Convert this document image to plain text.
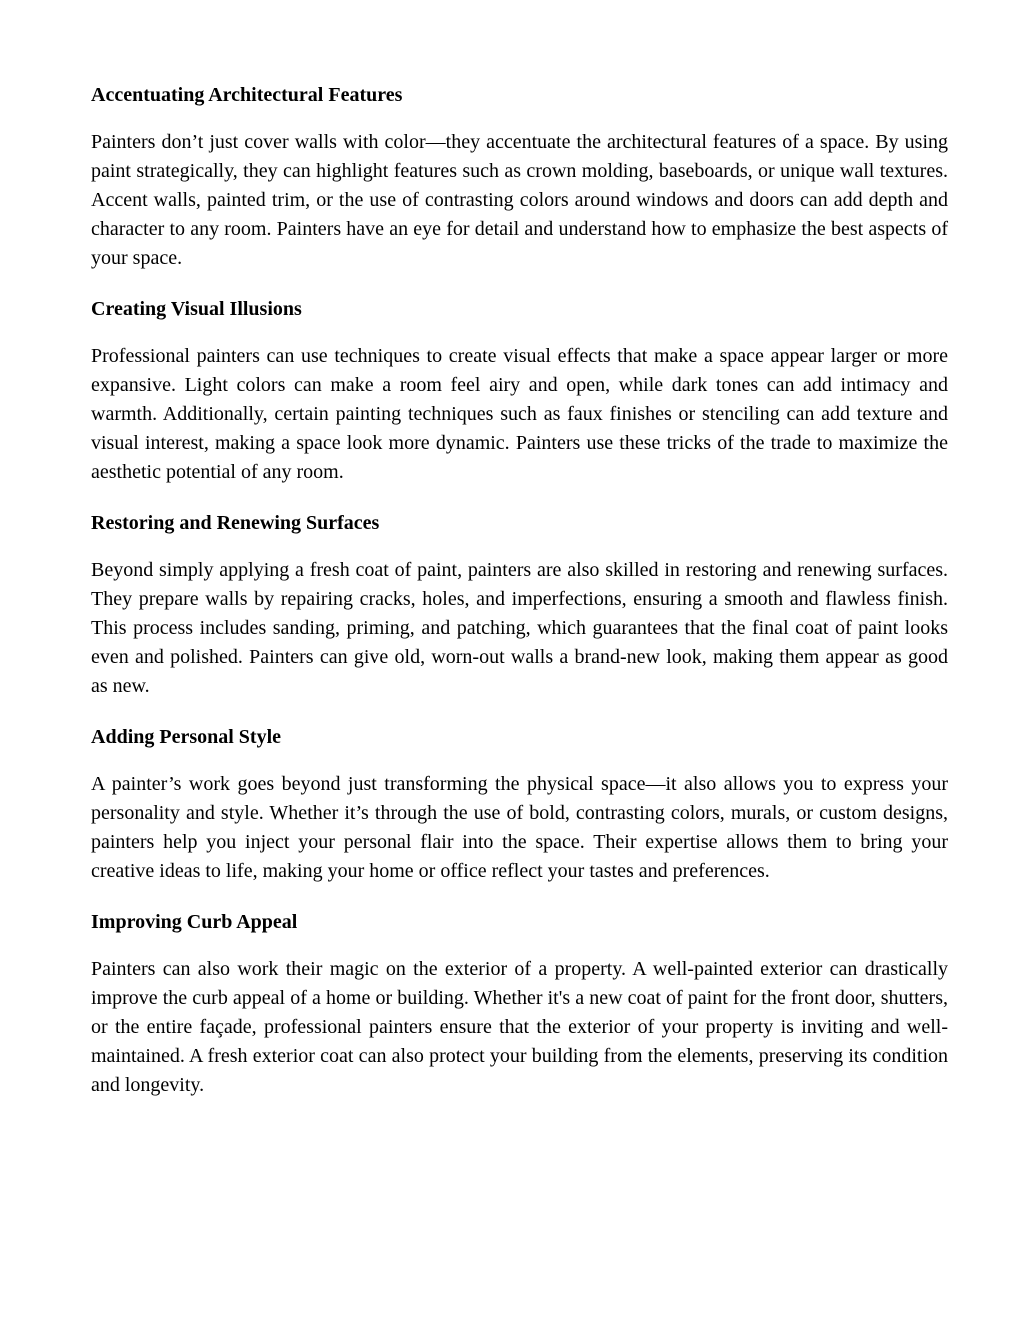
Accentuating Architectural Features

Painters don’t just cover walls with color—they accentuate the architectural features of a space. By using paint strategically, they can highlight features such as crown molding, baseboards, or unique wall textures. Accent walls, painted trim, or the use of contrasting colors around windows and doors can add depth and character to any room. Painters have an eye for detail and understand how to emphasize the best aspects of your space.

Creating Visual Illusions

Professional painters can use techniques to create visual effects that make a space appear larger or more expansive. Light colors can make a room feel airy and open, while dark tones can add intimacy and warmth. Additionally, certain painting techniques such as faux finishes or stenciling can add texture and visual interest, making a space look more dynamic. Painters use these tricks of the trade to maximize the aesthetic potential of any room.

Restoring and Renewing Surfaces

Beyond simply applying a fresh coat of paint, painters are also skilled in restoring and renewing surfaces. They prepare walls by repairing cracks, holes, and imperfections, ensuring a smooth and flawless finish. This process includes sanding, priming, and patching, which guarantees that the final coat of paint looks even and polished. Painters can give old, worn-out walls a brand-new look, making them appear as good as new.

Adding Personal Style

A painter’s work goes beyond just transforming the physical space—it also allows you to express your personality and style. Whether it’s through the use of bold, contrasting colors, murals, or custom designs, painters help you inject your personal flair into the space. Their expertise allows them to bring your creative ideas to life, making your home or office reflect your tastes and preferences.

Improving Curb Appeal

Painters can also work their magic on the exterior of a property. A well-painted exterior can drastically improve the curb appeal of a home or building. Whether it's a new coat of paint for the front door, shutters, or the entire façade, professional painters ensure that the exterior of your property is inviting and well-maintained. A fresh exterior coat can also protect your building from the elements, preserving its condition and longevity.
